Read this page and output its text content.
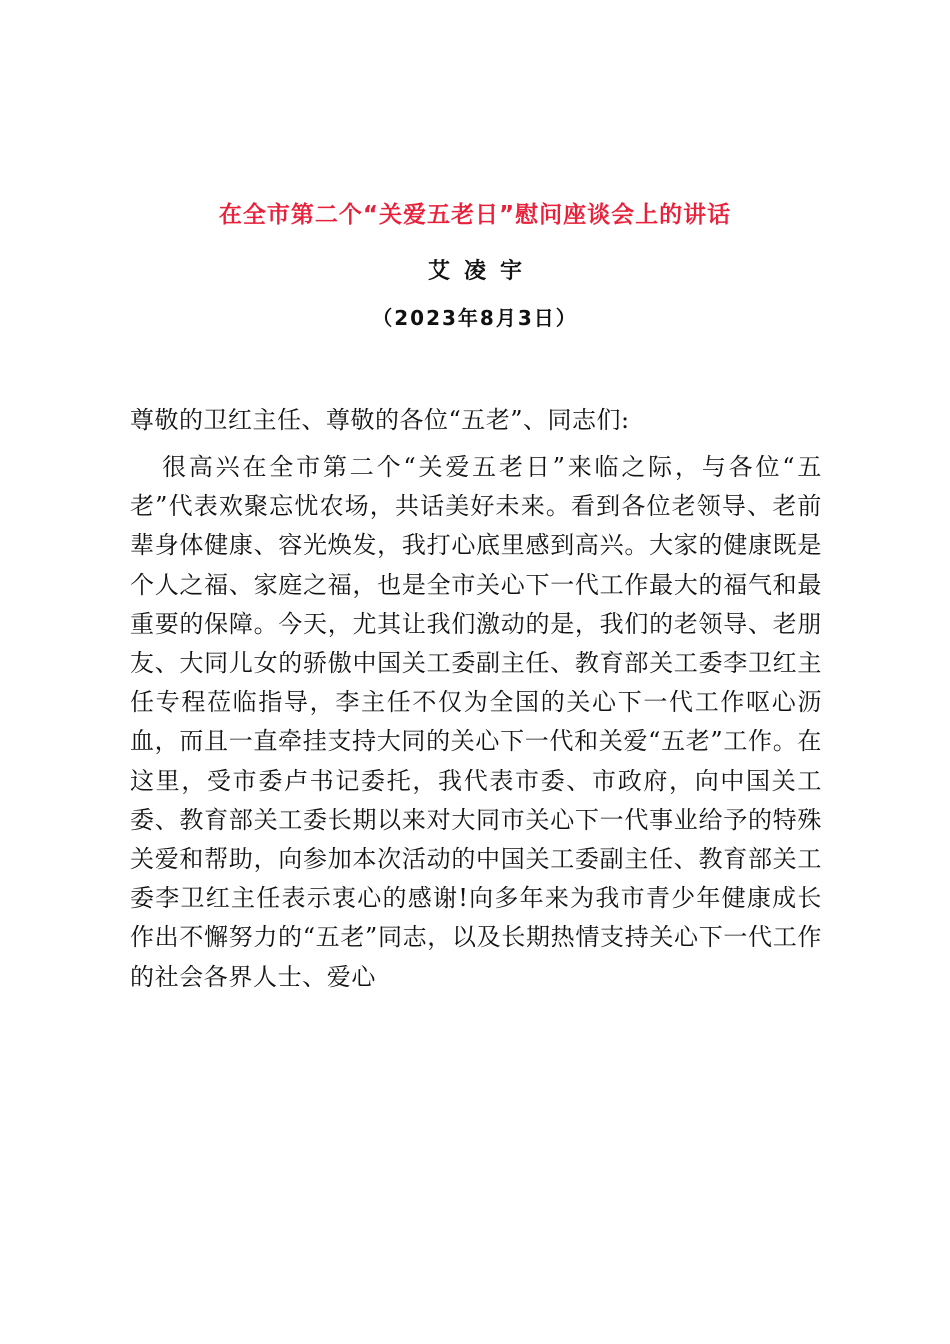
在全市第二个“关爱五老日”慰问座谈会上的讲话
艾凌宇
（2023年8月3日）
尊敬的卫红主任、尊敬的各位“五老”、同志们:
很高兴在全市第二个“关爱五老日”来临之际，与各位“五老”代表欢聚忘忧农场，共话美好未来。看到各位老领导、老前辈身体健康、容光焕发，我打心底里感到高兴。大家的健康既是个人之福、家庭之福，也是全市关心下一代工作最大的福气和最重要的保障。今天，尤其让我们激动的是，我们的老领导、老朋友、大同儿女的骄傲中国关工委副主任、教育部关工委李卫红主任专程莅临指导，李主任不仅为全国的关心下一代工作呕心沥血，而且一直牵挂支持大同的关心下一代和关爱“五老”工作。在这里，受市委卢书记委托，我代表市委、市政府，向中国关工委、教育部关工委长期以来对大同市关心下一代事业给予的特殊关爱和帮助，向参加本次活动的中国关工委副主任、教育部关工委李卫红主任表示衷心的感谢!向多年来为我市青少年健康成长作出不懈努力的“五老”同志，以及长期热情支持关心下一代工作的社会各界人士、爱心
